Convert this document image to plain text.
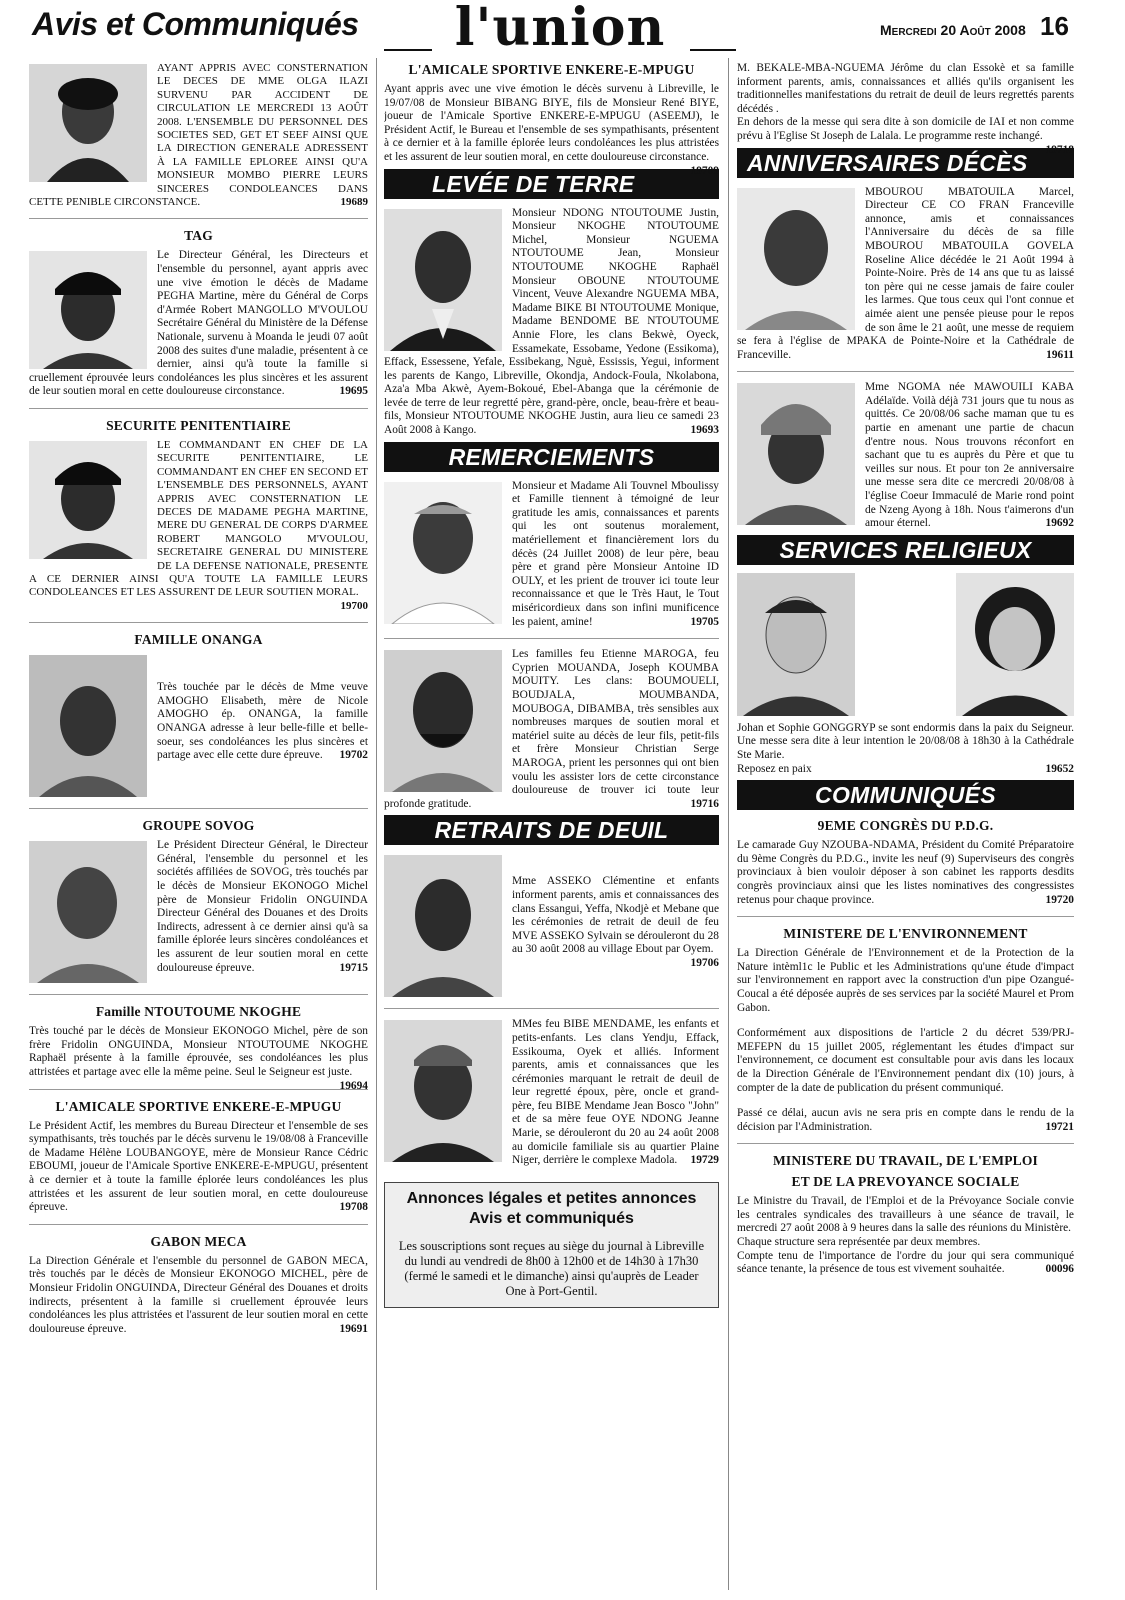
Avis et Communiqués l'union	Mercredi 20 Août 2008 16
AYANT APPRIS AVEC CONSTERNATION LE DECES DE MME OLGA ILAZI SURVENU PAR ACCIDENT DE CIRCULATION LE MERCREDI 13 AOÛT 2008. L'ENSEMBLE DU PERSONNEL DES SOCIETES SED, GET ET SEEF AINSI QUE LA DIRECTION GENERALE ADRESSENT À LA FAMILLE EPLOREE AINSI QU'A MONSIEUR MOMBO PIERRE LEURS SINCERES CONDOLEANCES DANS CETTE PENIBLE CIRCONSTANCE.	19689
TAG
Le Directeur Général, les Directeurs et l'ensemble du personnel, ayant appris avec une vive émotion le décès de Madame PEGHA Martine, mère du Général de Corps d'Armée Robert MANGOLLO M'VOULOU Secrétaire Général du Ministère de la Défense Nationale, survenu à Moanda le jeudi 07 août 2008 des suites d'une maladie, présentent à ce dernier, ainsi qu'à toute la famille si cruellement éprouvée leurs condoléances les plus sincères et les assurent de leur soutien moral en cette douloureuse circonstance.	19695
SECURITE PENITENTIAIRE
LE COMMANDANT EN CHEF DE LA SECURITE PENITENTIAIRE, LE COMMANDANT EN CHEF EN SECOND ET L'ENSEMBLE DES PERSONNELS, AYANT APPRIS AVEC CONSTERNATION LE DECES DE MADAME PEGHA MARTINE, MERE DU GENERAL DE CORPS D'ARMEE ROBERT MANGOLO M'VOULOU, SECRETAIRE GENERAL DU MINISTERE DE LA DEFENSE NATIONALE, PRESENTE A CE DERNIER AINSI QU'A TOUTE LA FAMILLE LEURS CONDOLEANCES ET LES ASSURENT DE LEUR SOUTIEN MORAL.
19700
FAMILLE ONANGA
Très touchée par le décès de Mme veuve AMOGHO Elisabeth, mère de Nicole AMOGHO ép. ONANGA, la famille ONANGA adresse à leur belle-fille et belle-soeur, ses condoléances les plus sincères et partage avec elle cette dure épreuve.	19702
GROUPE SOVOG
Le Président Directeur Général, le Directeur Général, l'ensemble du personnel et les sociétés affiliées de SOVOG, très touchés par le décès de Monsieur EKONOGO Michel père de Monsieur Fridolin ONGUINDA Directeur Général des Douanes et des Droits Indirects, adressent à ce dernier ainsi qu'à sa famille éplorée leurs sincères condoléances et les assurent de leur soutien moral en cette douloureuse épreuve.	19715
Famille NTOUTOUME NKOGHE
Très touché par le décès de Monsieur EKONOGO Michel, père de son frère Fridolin ONGUINDA, Monsieur NTOUTOUME NKOGHE Raphaël présente à la famille éprouvée, ses condoléances les plus attristées et partage avec elle la même peine. Seul le Seigneur est juste.
19694
L'AMICALE SPORTIVE ENKERE-E-MPUGU
Le Président Actif, les membres du Bureau Directeur et l'ensemble de ses sympathisants, très touchés par le décès survenu le 19/08/08 à Franceville de Madame Hélène LOUBANGOYE, mère de Monsieur Rance Cédric EBOUMI, joueur de l'Amicale Sportive ENKERE-E-MPUGU, présentent à ce dernier et à toute la famille éplorée leurs condoléances les plus attristées et les assurent de leur soutien moral, en cette douloureuse épreuve.	19708
GABON MECA
La Direction Générale et l'ensemble du personnel de GABON MECA, très touchés par le décès de Monsieur EKONOGO MICHEL, père de Monsieur Fridolin ONGUINDA, Directeur Général des Douanes et droits indirects, présentent à la famille si cruellement éprouvée leurs condoléances les plus attristées et l'assurent de leur soutien moral en cette douloureuse épreuve.	19691
L'AMICALE SPORTIVE ENKERE-E-MPUGU
Ayant appris avec une vive émotion le décès survenu à Libreville, le 19/07/08 de Monsieur BIBANG BIYE, fils de Monsieur René BIYE, joueur de l'Amicale Sportive ENKERE-E-MPUGU (ASEEMJ), le Président Actif, le Bureau et l'ensemble de ses sympathisants, présentent à ce dernier et à la famille éplorée leurs condoléances les plus attristées et les assurent de leur soutien moral, en cette douloureuse circonstance.
19709
LEVÉE DE TERRE
Monsieur NDONG NTOUTOUME Justin, Monsieur NKOGHE NTOUTOUME Michel, Monsieur NGUEMA NTOUTOUME Jean, Monsieur NTOUTOUME NKOGHE Raphaël Monsieur OBOUNE NTOUTOUME Vincent, Veuve Alexandre NGUEMA MBA, Madame BIKE BI NTOUTOUME Monique, Madame BENDOME BE NTOUTOUME Annie Flore, les clans Bekwè, Oyeck, Essamekate, Essobame, Yedone (Essikoma), Effack, Essessene, Yefale, Essibekang, Nguè, Essissis, Yegui, informent les parents de Kango, Libreville, Okondja, Andock-Foula, Nkolabona, Aza'a Mba Akwè, Ayem-Bokoué, Ebel-Abanga que la cérémonie de levée de terre de leur regretté père, grand-père, oncle, beau-frère et beau-fils, Monsieur NTOUTOUME NKOGHE Justin, aura lieu ce samedi 23 Août 2008 à Kango.	19693
REMERCIEMENTS
Monsieur et Madame Ali Touvnel Mboulissy et Famille tiennent à témoigné de leur gratitude les amis, connaissances et parents qui les ont soutenus moralement, matériellement et financièrement lors du décès (24 Juillet 2008) de leur père, beau père et grand père Monsieur Antoine ID OULY, et les prient de trouver ici toute leur reconnaissance et que le Très Haut, le Tout miséricordieux dans son infini munificence les paient, amine!	19705
Les familles feu Etienne MAROGA, feu Cyprien MOUANDA, Joseph KOUMBA MOUITY. Les clans: BOUMOUELI, BOUDJALA, MOUMBANDA, MOUBOGA, DIBAMBA, très sensibles aux nombreuses marques de soutien moral et matériel suite au décès de leur fils, petit-fils et frère Monsieur Christian Serge MAROGA, prient les personnes qui ont bien voulu les assister lors de cette circonstance douloureuse de trouver ici toute leur profonde gratitude.	19716
RETRAITS DE DEUIL
Mme ASSEKO Clémentine et enfants informent parents, amis et connaissances des clans Essangui, Yeffa, Nkodjè et Mebane que les cérémonies de retrait de deuil de feu MVE ASSEKO Sylvain se dérouleront du 28 au 30 août 2008 au village Ebout par Oyem.
19706
MMes feu BIBE MENDAME, les enfants et petits-enfants. Les clans Yendju, Effack, Essikouma, Oyek et alliés. Informent parents, amis et connaissances que les cérémonies marquant le retrait de deuil de leur regretté époux, père, oncle et grand-père, feu BIBE Mendame Jean Bosco "John" et de sa mère feue OYE NDONG Jeanne Marie, se dérouleront du 20 au 24 août 2008 au domicile familiale sis au quartier Plaine Niger, derrière le complexe Madola.	19729
Annonces légales et petites annonces
Avis et communiqués
Les souscriptions sont reçues au siège du journal à Libreville du lundi au vendredi de 8h00 à 12h00 et de 14h30 à 17h30 (fermé le samedi et le dimanche) ainsi qu'auprès de Leader One à Port-Gentil.
M. BEKALE-MBA-NGUEMA Jérôme du clan Essokè et sa famille informent parents, amis, connaissances et alliés qu'ils organisent les traditionnelles manifestations du retrait de deuil de leurs regrettés parents décédés .
En dehors de la messe qui sera dite à son domicile de IAI et non comme prévu à l'Eglise St Joseph de Lalala. Le programme reste inchangé.
19718
ANNIVERSAIRES DÉCÈS
MBOUROU MBATOUILA Marcel, Directeur CE CO FRAN Franceville annonce, amis et connaissances l'Anniversaire du décès de sa fille MBOUROU MBATOUILA GOVELA Roseline Alice décédée le 21 Août 1994 à Pointe-Noire. Près de 14 ans que tu as laissé ton père qui ne cesse jamais de faire couler les larmes. Que tous ceux qui l'ont connue et aimée aient une pensée pieuse pour le repos de son âme le 21 août, une messe de requiem se fera à l'église de MPAKA de Pointe-Noire et la Cathédrale de Franceville.	19611
Mme NGOMA née MAWOUILI KABA Adélaïde. Voilà déjà 731 jours que tu nous as quittés. Ce 20/08/06 sache maman que tu es partie en amenant une partie de chacun d'entre nous. Nous trouvons réconfort en sachant que tu es auprès du Père et que tu veilles sur nous. Et pour ton 2e anniversaire une messe sera dite ce mercredi 20/08/08 à l'église Coeur Immaculé de Marie rond point de Nzeng Ayong à 18h. Nous t'aimerons d'un amour éternel.	19692
SERVICES RELIGIEUX
Johan et Sophie GONGGRYP se sont endormis dans la paix du Seigneur. Une messe sera dite à leur intention le 20/08/08 à 18h30 à la Cathédrale Ste Marie.
Reposez en paix	19652
COMMUNIQUÉS
9EME CONGRÈS DU P.D.G.
Le camarade Guy NZOUBA-NDAMA, Président du Comité Préparatoire du 9ème Congrès du P.D.G., invite les neuf (9) Superviseurs des congrès provinciaux à bien vouloir déposer à son cabinet les rapports desdits congrès provinciaux ainsi que les listes nominatives des congressistes retenus pour chaque province.	19720
MINISTERE DE L'ENVIRONNEMENT
La Direction Générale de l'Environnement et de la Protection de la Nature intèml1c le Public et les Administrations qu'une étude d'impact sur l'environnement en rapport avec la construction d'un pipe Ozangué-Coucal a été déposée auprès de ses services par la société Maurel et Prom Gabon.
Conformément aux dispositions de l'article 2 du décret 539/PRJ-MEFEPN du 15 juillet 2005, réglementant les études d'impact sur l'environnement, ce document est consultable pour avis dans les locaux de la Direction Générale de l'Environnement pendant dix (10) jours, à compter de la date de publication du présent communiqué.
Passé ce délai, aucun avis ne sera pris en compte dans le rendu de la décision par l'Administration.	19721
MINISTERE DU TRAVAIL, DE L'EMPLOI
ET DE LA PREVOYANCE SOCIALE
Le Ministre du Travail, de l'Emploi et de la Prévoyance Sociale convie les centrales syndicales des travailleurs à une séance de travail, le mercredi 27 août 2008 à 9 heures dans la salle des réunions du Ministère.
Chaque structure sera représentée par deux membres.
Compte tenu de l'importance de l'ordre du jour qui sera communiqué séance tenante, la présence de tous est vivement souhaitée.	00096
